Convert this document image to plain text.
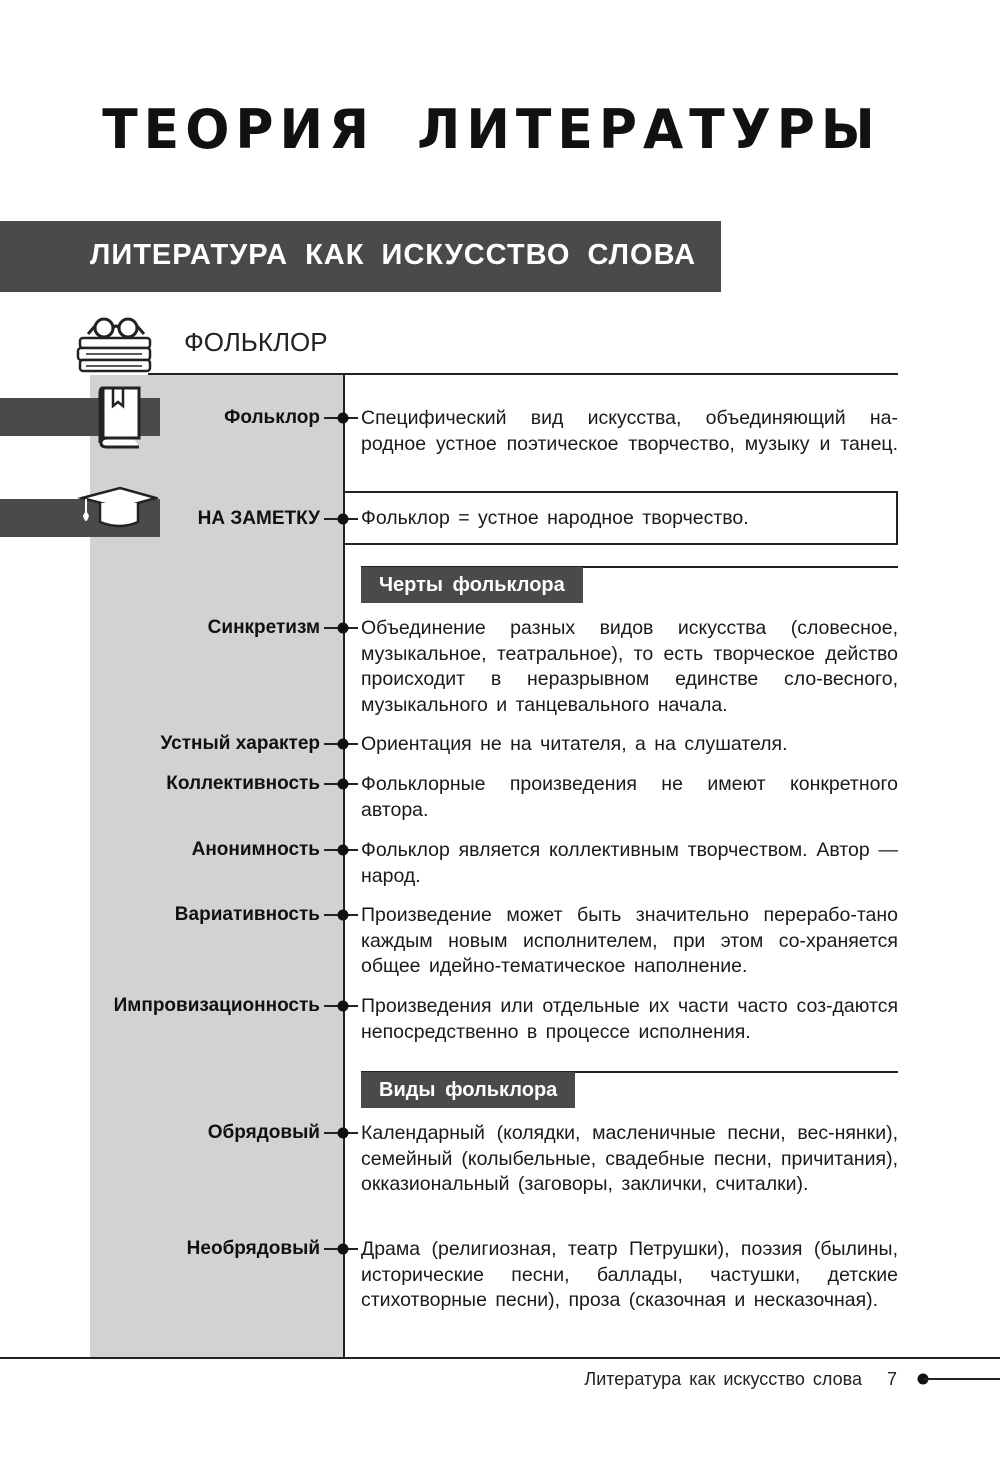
ТЕОРИЯ ЛИТЕРАТУРЫ
ЛИТЕРАТУРА КАК ИСКУССТВО СЛОВА
ФОЛЬКЛОР
Фольклор Специфический вид искусства, объединяющий на-родное устное поэтическое творчество, музыку и танец.
НА ЗАМЕТКУ Фольклор = устное народное творчество.
Черты фольклора
Синкретизм Объединение разных видов искусства (словесное, музыкальное, театральное), то есть творческое действо происходит в неразрывном единстве сло-весного, музыкального и танцевального начала.
Устный характер Ориентация не на читателя, а на слушателя.
Коллективность Фольклорные произведения не имеют конкретного автора.
Анонимность Фольклор является коллективным творчеством. Автор — народ.
Вариативность Произведение может быть значительно перерабо-тано каждым новым исполнителем, при этом со-храняется общее идейно-тематическое наполнение.
Импровизационность Произведения или отдельные их части часто соз-даются непосредственно в процессе исполнения.
Виды фольклора
Обрядовый Календарный (колядки, масленичные песни, вес-нянки), семейный (колыбельные, свадебные песни, причитания), окказиональный (заговоры, заклички, считалки).
Необрядовый Драма (религиозная, театр Петрушки), поэзия (былины, исторические песни, баллады, частушки, детские стихотворные песни), проза (сказочная и несказочная).
Литература как искусство слова 7
